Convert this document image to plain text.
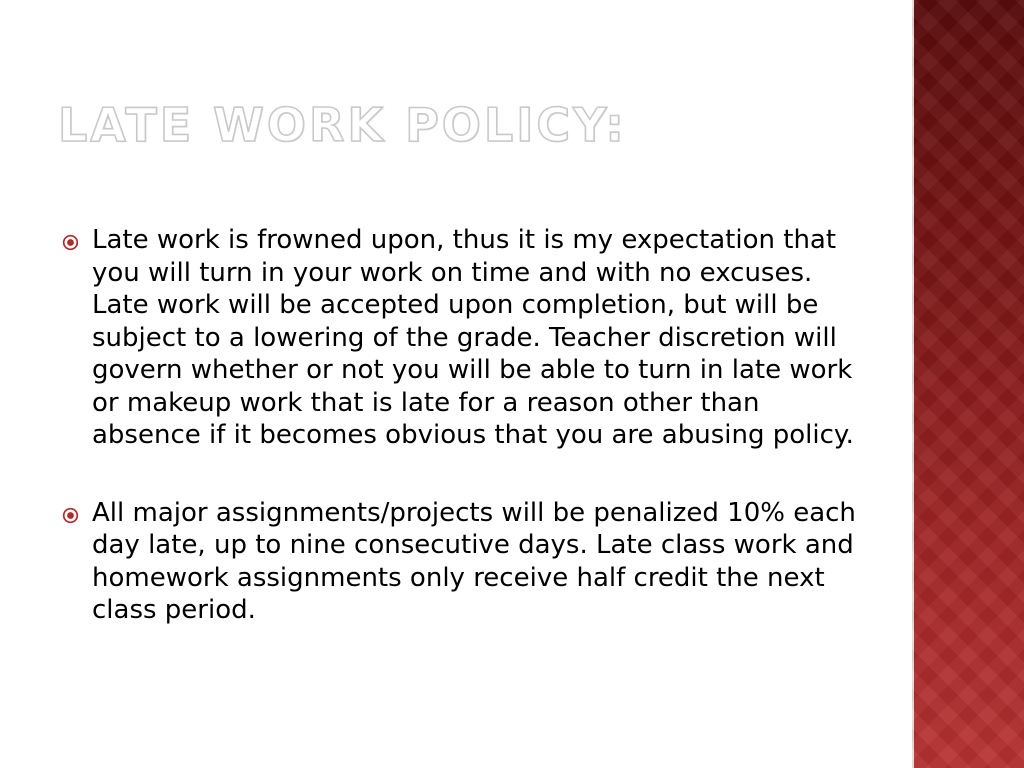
LATE WORK POLICY:
Late work is frowned upon, thus it is my expectation that you will turn in your work on time and with no excuses. Late work will be accepted upon completion, but will be subject to a lowering of the grade. Teacher discretion will govern whether or not you will be able to turn in late work or makeup work that is late for a reason other than absence if it becomes obvious that you are abusing policy.
All major assignments/projects will be penalized 10% each day late, up to nine consecutive days. Late class work and homework assignments only receive half credit the next class period.
